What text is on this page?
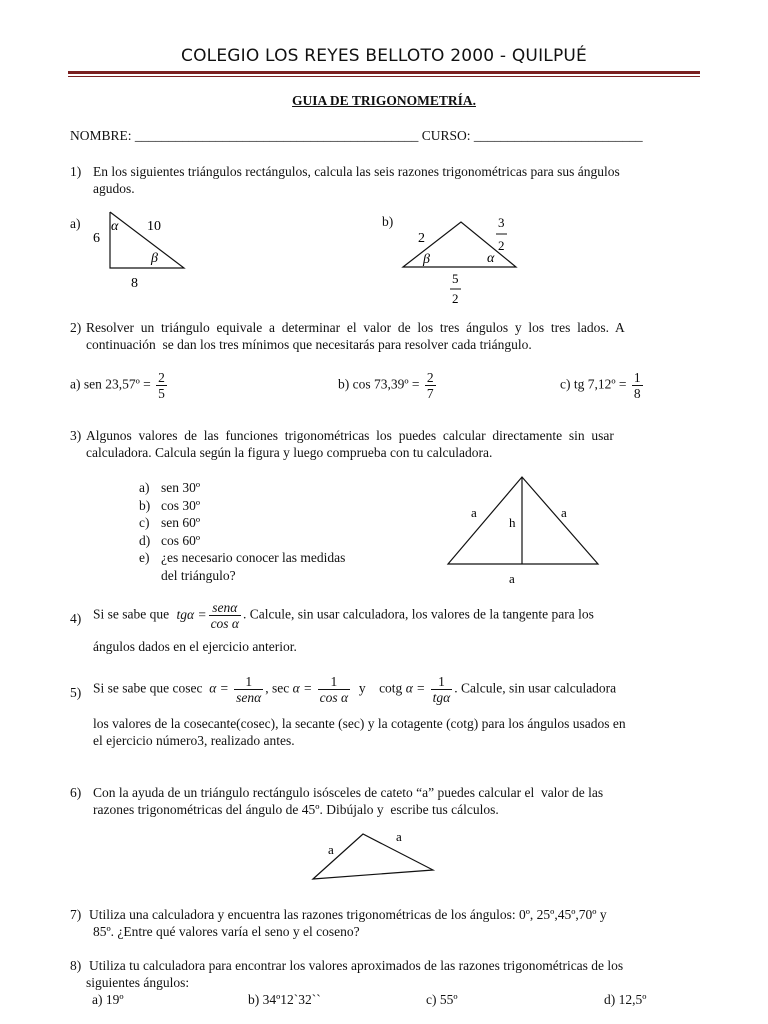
COLEGIO LOS REYES BELLOTO 2000 - QUILPUÉ
GUIA DE TRIGONOMETRÍA.
NOMBRE: __________________________________________ CURSO: _________________________
1) En los siguientes triángulos rectángulos, calcula las seis razones trigonométricas para sus ángulos
agudos.
a)
6
10
8
α
β
b)
2
3
2
β	α
5
2
2) Resolver  un  triángulo  equivale  a  determinar  el  valor  de  los  tres  ángulos  y  los  tres  lados.  A
continuación  se dan los tres mínimos que necesitarás para resolver cada triángulo.
a) sen 23,57º = $\frac{2}{5}$	b) cos 73,39º = $\frac{2}{7}$	c) tg 7,12º = $\frac{1}{8}$
3) Algunos  valores  de  las  funciones  trigonométricas  los  puedes  calcular  directamente  sin  usar
calculadora. Calcula según la figura y luego comprueba con tu calculadora.
a) sen 30º
b) cos 30º
c) sen 60º
d) cos 60º
e) ¿es necesario conocer las medidas
del triángulo?
a	a
h
a
4) Si se sabe que $tg\alpha = \frac{\text{senα}}{\text{cos α}}$ . Calcule, sin usar calculadora, los valores de la tangente para los
ángulos dados en el ejercicio anterior.
5) Si se sabe que cosec $\alpha = \frac{1}{\text{senα}}$ , $\sec \alpha = \frac{1}{\text{cos α}}$ y    cotg $\alpha = \frac{1}{\text{tgα}}$ . Calcule, sin usar calculadora
los valores de la cosecante(cosec), la secante (sec) y la cotagente (cotg) para los ángulos usados en
el ejercicio número3, realizado antes.
6) Con la ayuda de un triángulo rectángulo isósceles de cateto “a” puedes calcular el  valor de las
razones trigonométricas del ángulo de 45º. Dibújalo y  escribe tus cálculos.
a
a
7) Utiliza una calculadora y encuentra las razones trigonométricas de los ángulos: 0º, 25º,45º,70º y
85º. ¿Entre qué valores varía el seno y el coseno?
8) Utiliza tu calculadora para encontrar los valores aproximados de las razones trigonométricas de los
siguientes ángulos:
a) 19º	b) 34º12`32``	c) 55º	d) 12,5º
